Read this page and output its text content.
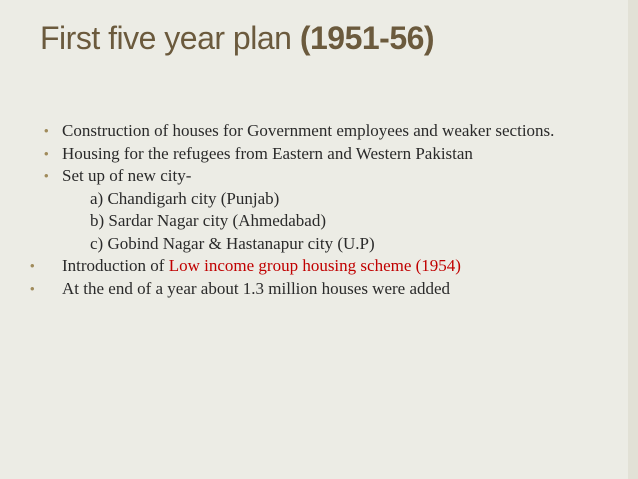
First five year plan (1951-56)
• Construction of houses for Government employees and weaker sections.
• Housing for the refugees from Eastern and Western Pakistan
• Set up of new city-
a) Chandigarh city (Punjab)
b) Sardar Nagar city (Ahmedabad)
c) Gobind Nagar & Hastanapur city (U.P)
• Introduction of Low income group housing scheme (1954)
• At the end of a year about 1.3 million houses were added
